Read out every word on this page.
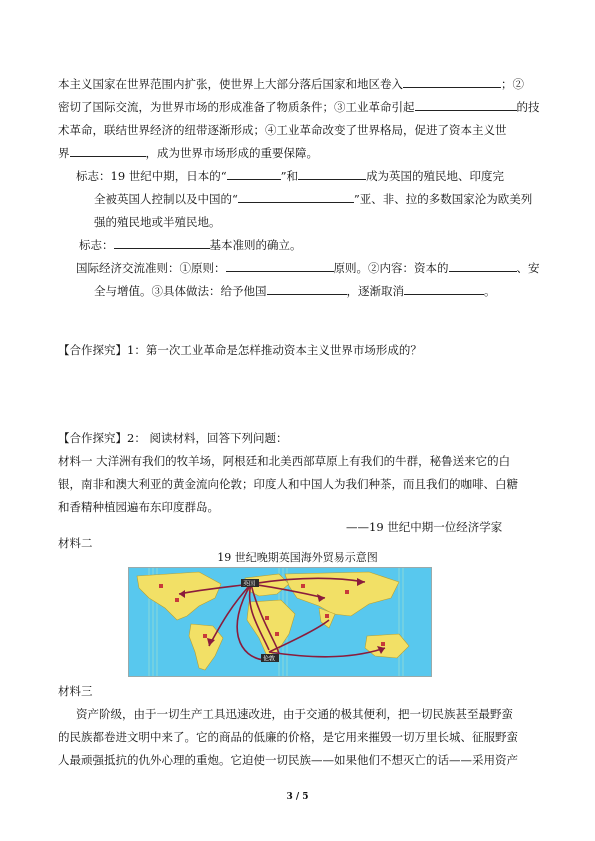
本主义国家在世界范围内扩张，使世界上大部分落后国家和地区卷入	；②
密切了国际交流，为世界市场的形成准备了物质条件；③工业革命引起	的技
术革命，联结世界经济的纽带逐渐形成；④工业革命改变了世界格局，促进了资本主义世
界	，成为世界市场形成的重要保障。
标志：19 世纪中期，日本的“	”和	成为英国的殖民地、印度完
全被英国人控制以及中国的“	”亚、非、拉的多数国家沦为欧美列
强的殖民地或半殖民地。
标志：	基本准则的确立。
国际经济交流准则：①原则：	原则。②内容：资本的	、安
全与增值。③具体做法：给予他国	，逐渐取消	。
【合作探究】1：第一次工业革命是怎样推动资本主义世界市场形成的？
【合作探究】2： 阅读材料，回答下列问题：
材料一 大洋洲有我们的牧羊场，阿根廷和北美西部草原上有我们的牛群，秘鲁送来它的白
银，南非和澳大利亚的黄金流向伦敦；印度人和中国人为我们种茶，而且我们的咖啡、白糖
和香精种植园遍布东印度群岛。
——19 世纪中期一位经济学家
材料二
19 世纪晚期英国海外贸易示意图
英国
伦敦
材料三
资产阶级，由于一切生产工具迅速改进，由于交通的极其便利，把一切民族甚至最野蛮
的民族都卷进文明中来了。它的商品的低廉的价格，是它用来摧毁一切万里长城、征服野蛮
人最顽强抵抗的仇外心理的重炮。它迫使一切民族——如果他们不想灭亡的话——采用资产
3 / 5
